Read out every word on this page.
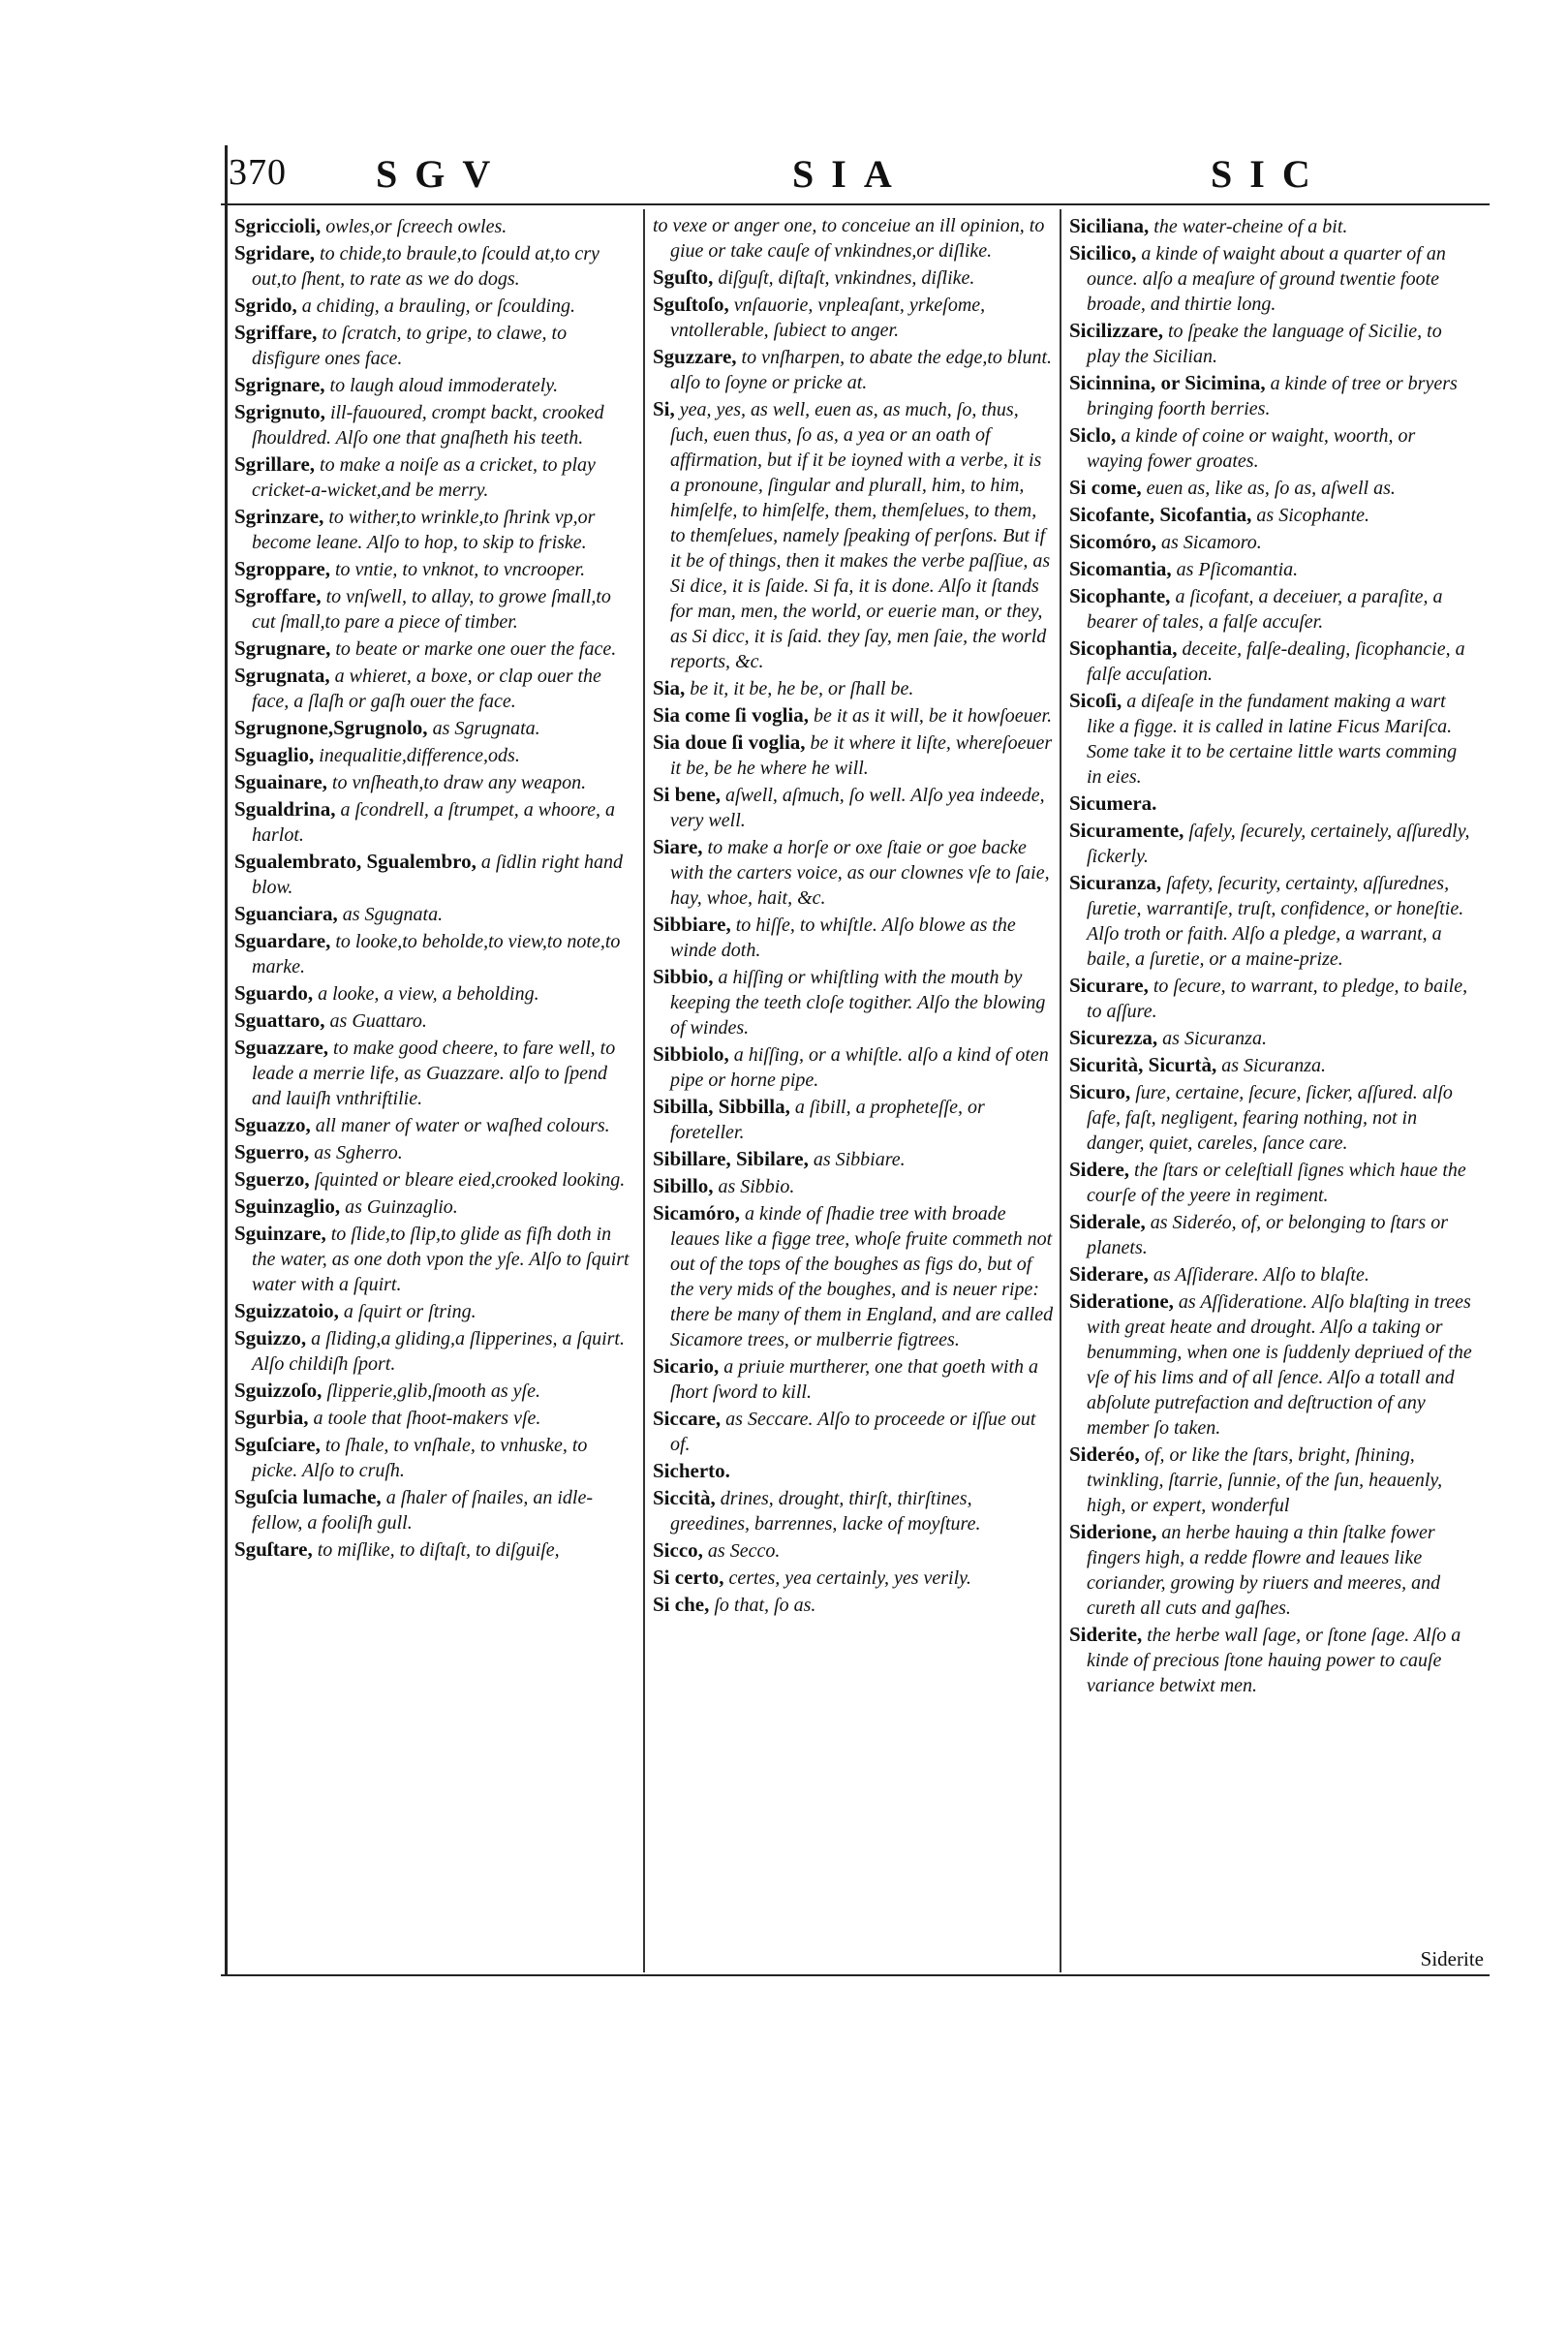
370 SGV	SIA	SIC
Sgriccioli, owles,or ſcreech owles.
Sgridare, to chide,to braule,to ſcould at,to cry out,to ſhent, to rate as we do dogs.
Sgrido, a chiding, a brauling, or ſcoulding.
Sgriffare, to ſcratch, to gripe, to clawe, to disfigure ones face.
Sgrignare, to laugh aloud immoderately.
Sgrignuto, ill-fauoured, crompt backt, crooked ſhouldred. Alſo one that gnaſheth his teeth.
Sgrillare, to make a noiſe as a cricket, to play cricket-a-wicket,and be merry.
Sgrinzare, to wither,to wrinkle,to ſhrink vp,or become leane. Alſo to hop, to skip to friske.
Sgroppare, to vntie, to vnknot, to vncrooper.
Sgroffare, to vnſwell, to allay, to growe ſmall,to cut ſmall,to pare a piece of timber.
Sgrugnare, to beate or marke one ouer the face.
Sgrugnata, a whieret, a boxe, or clap ouer the face, a ſlaſh or gaſh ouer the face.
Sgrugnone,Sgrugnolo, as Sgrugnata.
Sguaglio, inequalitie,difference,ods.
Sguainare, to vnſheath,to draw any weapon.
Sgualdrina, a ſcondrell, a ſtrumpet, a whoore, a harlot.
Sgualembrato, Sgualembro, a ſidlin right hand blow.
Sguanciara, as Sgugnata.
Sguardare, to looke,to beholde,to view,to note,to marke.
Sguardo, a looke, a view, a beholding.
Sguattaro, as Guattaro.
Sguazzare, to make good cheere, to fare well, to leade a merrie life, as Guazzare. alſo to ſpend and lauiſh vnthriftilie.
Sguazzo, all maner of water or waſhed colours.
Sguerro, as Sgherro.
Sguerzo, ſquinted or bleare eied,crooked looking.
Sguinzaglio, as Guinzaglio.
Sguinzare, to ſlide,to ſlip,to glide as fiſh doth in the water, as one doth vpon the yſe. Alſo to ſquirt water with a ſquirt.
Sguizzatoio, a ſquirt or ſtring.
Sguizzo, a ſliding,a gliding,a ſlipperines, a ſquirt. Alſo childiſh ſport.
Sguizzoſo, ſlipperie,glib,ſmooth as yſe.
Sgurbia, a toole that ſhoot-makers vſe.
Sguſciare, to ſhale, to vnſhale, to vnhuske, to picke. Alſo to cruſh.
Sguſcia lumache, a ſhaler of ſnailes, an idle-fellow, a fooliſh gull.
Sguſtare, to miſlike, to diſtaſt, to diſguiſe,
to vexe or anger one, to conceiue an ill opinion, to giue or take cauſe of vnkindnes,or diſlike.
Sguſto, diſguſt, diſtaſt, vnkindnes, diſlike.
Sguſtoſo, vnſauorie, vnpleaſant, yrkeſome, vntollerable, ſubiect to anger.
Sguzzare, to vnſharpen, to abate the edge,to blunt. alſo to ſoyne or pricke at.
Si, yea, yes, as well, euen as, as much, ſo, thus, ſuch, euen thus, ſo as, a yea or an oath of affirmation, but if it be ioyned with a verbe, it is a pronoune, ſingular and plurall, him, to him, himſelfe, to himſelfe, them, themſelues, to them, to themſelues, namely ſpeaking of perſons. But if it be of things, then it makes the verbe paſſiue, as Si dice, it is ſaide. Si fa, it is done. Alſo it ſtands for man, men, the world, or euerie man, or they, as Si dicc, it is ſaid. they ſay, men ſaie, the world reports, &c.
Sia, be it, it be, he be, or ſhall be.
Sia come ſi voglia, be it as it will, be it howſoeuer.
Sia doue ſi voglia, be it where it liſte, whereſoeuer it be, be he where he will.
Si bene, aſwell, aſmuch, ſo well. Alſo yea indeede, very well.
Siare, to make a horſe or oxe ſtaie or goe backe with the carters voice, as our clownes vſe to ſaie, hay, whoe, hait, &c.
Sibbiare, to hiſſe, to whiſtle. Alſo blowe as the winde doth.
Sibbio, a hiſſing or whiſtling with the mouth by keeping the teeth cloſe togither. Alſo the blowing of windes.
Sibbiolo, a hiſſing, or a whiſtle. alſo a kind of oten pipe or horne pipe.
Sibilla, Sibbilla, a ſibill, a propheteſſe, or foreteller.
Sibillare, Sibilare, as Sibbiare.
Sibillo, as Sibbio.
Sicamóro, a kinde of ſhadie tree with broade leaues like a figge tree, whoſe fruite commeth not out of the tops of the boughes as figs do, but of the very mids of the boughes, and is neuer ripe: there be many of them in England, and are called Sicamore trees, or mulberrie figtrees.
Sicario, a priuie murtherer, one that goeth with a ſhort ſword to kill.
Siccare, as Seccare. Alſo to proceede or iſſue out of.
Sicherto.
Siccità, drines, drought, thirſt, thirſtines, greedines, barrennes, lacke of moyſture.
Sicco, as Secco.
Si certo, certes, yea certainly, yes verily.
Si che, ſo that, ſo as.
Siciliana, the water-cheine of a bit.
Sicilico, a kinde of waight about a quarter of an ounce. alſo a meaſure of ground twentie foote broade, and thirtie long.
Sicilizzare, to ſpeake the language of Sicilie, to play the Sicilian.
Sicinnina, or Sicimina, a kinde of tree or bryers bringing foorth berries.
Siclo, a kinde of coine or waight, woorth, or waying fower groates.
Si come, euen as, like as, ſo as, aſwell as.
Sicofante, Sicofantia, as Sicophante.
Sicomóro, as Sicamoro.
Sicomantia, as Pſicomantia.
Sicophante, a ſicofant, a deceiuer, a paraſite, a bearer of tales, a falſe accuſer.
Sicophantia, deceite, falſe-dealing, ſicophancie, a falſe accuſation.
Sicoſi, a diſeaſe in the fundament making a wart like a figge. it is called in latine Ficus Mariſca. Some take it to be certaine little warts comming in eies.
Sicumera.
Sicuramente, ſafely, ſecurely, certainely, aſſuredly, ſickerly.
Sicuranza, ſafety, ſecurity, certainty, aſſurednes, ſuretie, warrantiſe, truſt, confidence, or honeſtie. Alſo troth or faith. Alſo a pledge, a warrant, a baile, a ſuretie, or a maine-prize.
Sicurare, to ſecure, to warrant, to pledge, to baile, to aſſure.
Sicurezza, as Sicuranza.
Sicurità, Sicurtà, as Sicuranza.
Sicuro, ſure, certaine, ſecure, ſicker, aſſured. alſo ſafe, faſt, negligent, fearing nothing, not in danger, quiet, careles, ſance care.
Sidere, the ſtars or celeſtiall ſignes which haue the courſe of the yeere in regiment.
Siderale, as Sideréo, of, or belonging to ſtars or planets.
Siderare, as Aſſiderare. Alſo to blaſte.
Sideratione, as Aſſideratione. Alſo blaſting in trees with great heate and drought. Alſo a taking or benumming, when one is ſuddenly depriued of the vſe of his lims and of all ſence. Alſo a totall and abſolute putrefaction and deſtruction of any member ſo taken.
Sideréo, of, or like the ſtars, bright, ſhining, twinkling, ſtarrie, ſunnie, of the ſun, heauenly, high, or expert, wonderful
Siderione, an herbe hauing a thin ſtalke fower fingers high, a redde flowre and leaues like coriander, growing by riuers and meeres, and cureth all cuts and gaſhes.
Siderite, the herbe wall ſage, or ſtone ſage. Alſo a kinde of precious ſtone hauing power to cauſe variance betwixt men.
Siderite
